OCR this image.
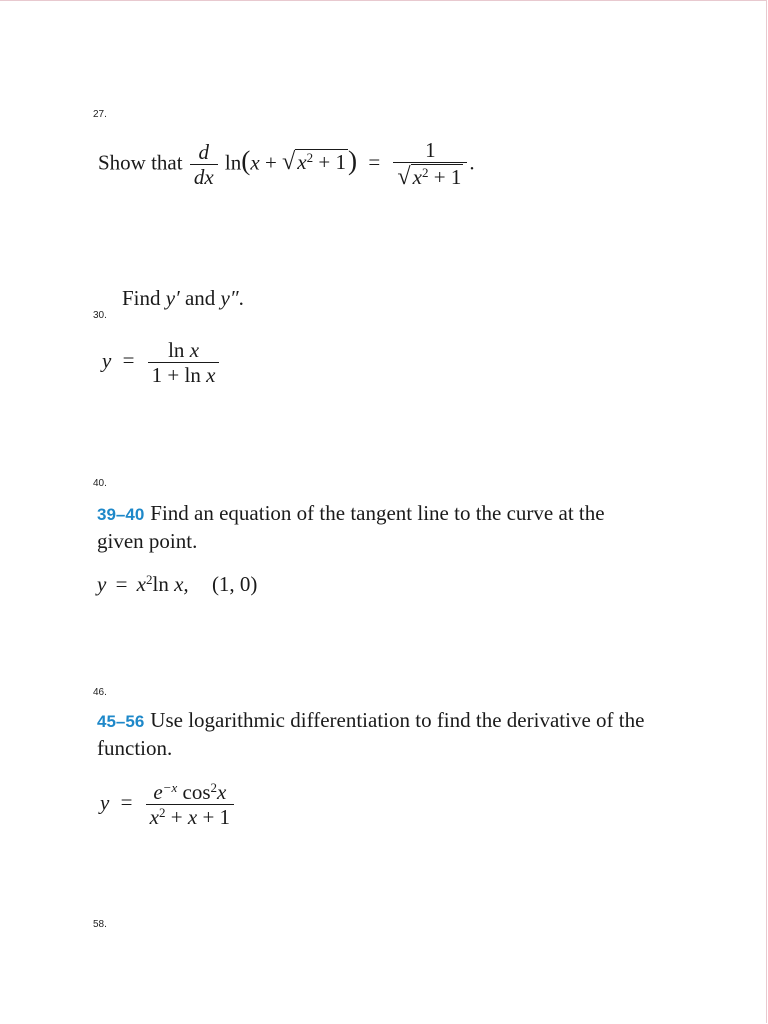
27.
Show that $\frac{d}{dx} \ln(x + √x^2 + 1) = \frac{1}{√x^2 + 1}$ .
Find y′ and y″.
30.
$y = \frac{\text{ln x}}{\text{1 + ln x}}$
40.
39–40 Find an equation of the tangent line to the curve at the
given point.
$y = x^2\ln$ x, (1, 0)
46.
45–56 Use logarithmic differentiation to find the derivative of the
function.
$y = \frac{e^{-x} \cos^2x}{x^2 + x + 1}$
58.
